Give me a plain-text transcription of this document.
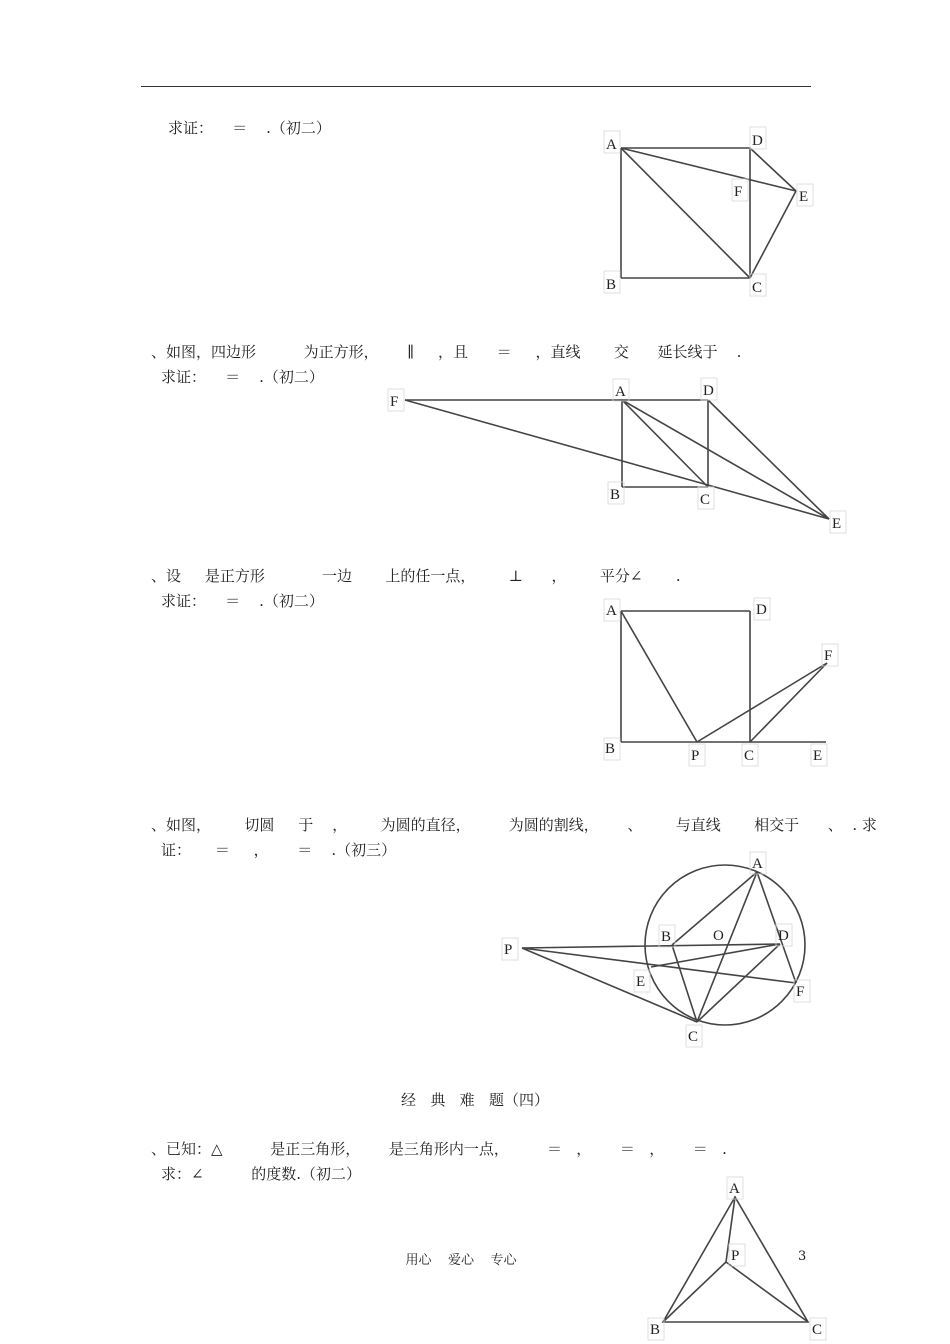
求证：    ＝    .（初二）
、如图，四边形          为正方形，      ∥     ，且      ＝     ，直线       交      延长线于    .
求证：    ＝    .（初二）
、设     是正方形            一边       上的任一点，       ⊥      ，       平分∠       .
求证：    ＝    .（初二）
、如图，       切圆     于    ，       为圆的直径，        为圆的割线，      、       与直线       相交于      、  . 求
证：     ＝     ，      ＝    .（初三）
经   典   难   题（四）
、已知：△          是正三角形，      是三角形内一点，        ＝   ，      ＝   ，      ＝   .
求：∠          的度数.（初二）
用心    爱心    专心	3
A	D
F	E
B	C
F
A	D
B	C
E
A	D
F
B	P	C	E
A
B	O	D
P
E
F
C
A
P
B	C
